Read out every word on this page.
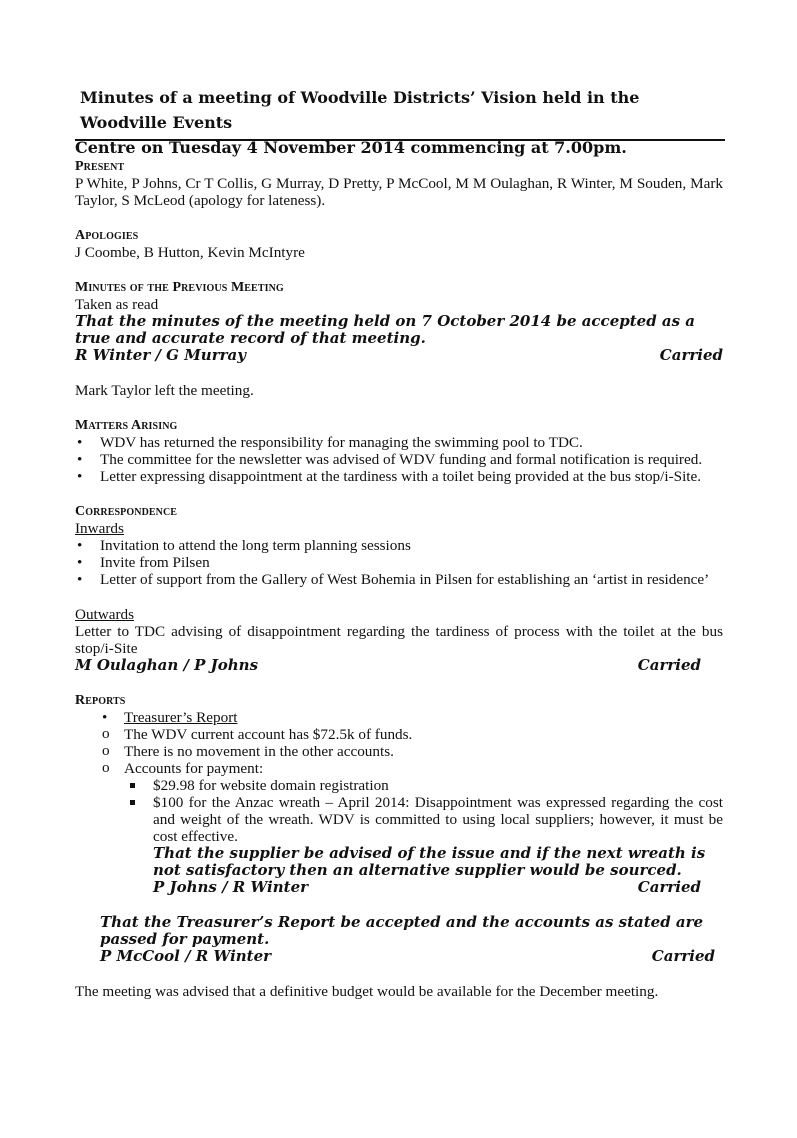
Minutes of a meeting of Woodville Districts’ Vision held in the Woodville Events
Centre on Tuesday 4 November 2014 commencing at 7.00pm.
Present
P White, P Johns, Cr T Collis, G Murray, D Pretty, P McCool, M M Oulaghan, R Winter, M Souden, Mark Taylor, S McLeod (apology for lateness).
Apologies
J Coombe, B Hutton, Kevin McIntyre
Minutes of the Previous Meeting
Taken as read
That the minutes of the meeting held on 7 October 2014 be accepted as a true and accurate record of that meeting.
R Winter / G Murray	Carried
Mark Taylor left the meeting.
Matters Arising
• WDV has returned the responsibility for managing the swimming pool to TDC.
• The committee for the newsletter was advised of WDV funding and formal notification is required.
• Letter expressing disappointment at the tardiness with a toilet being provided at the bus stop/i-Site.
Correspondence
Inwards
• Invitation to attend the long term planning sessions
• Invite from Pilsen
• Letter of support from the Gallery of West Bohemia in Pilsen for establishing an ‘artist in residence’
Outwards
Letter to TDC advising of disappointment regarding the tardiness of process with the toilet at the bus stop/i-Site
M Oulaghan / P Johns	Carried
Reports
• Treasurer’s Report
o The WDV current account has $72.5k of funds.
o There is no movement in the other accounts.
o Accounts for payment:
$29.98 for website domain registration
$100 for the Anzac wreath – April 2014: Disappointment was expressed regarding the cost and weight of the wreath. WDV is committed to using local suppliers; however, it must be cost effective.
That the supplier be advised of the issue and if the next wreath is not satisfactory then an alternative supplier would be sourced.
P Johns / R Winter	Carried
That the Treasurer’s Report be accepted and the accounts as stated are passed for payment.
P McCool / R Winter	Carried
The meeting was advised that a definitive budget would be available for the December meeting.
